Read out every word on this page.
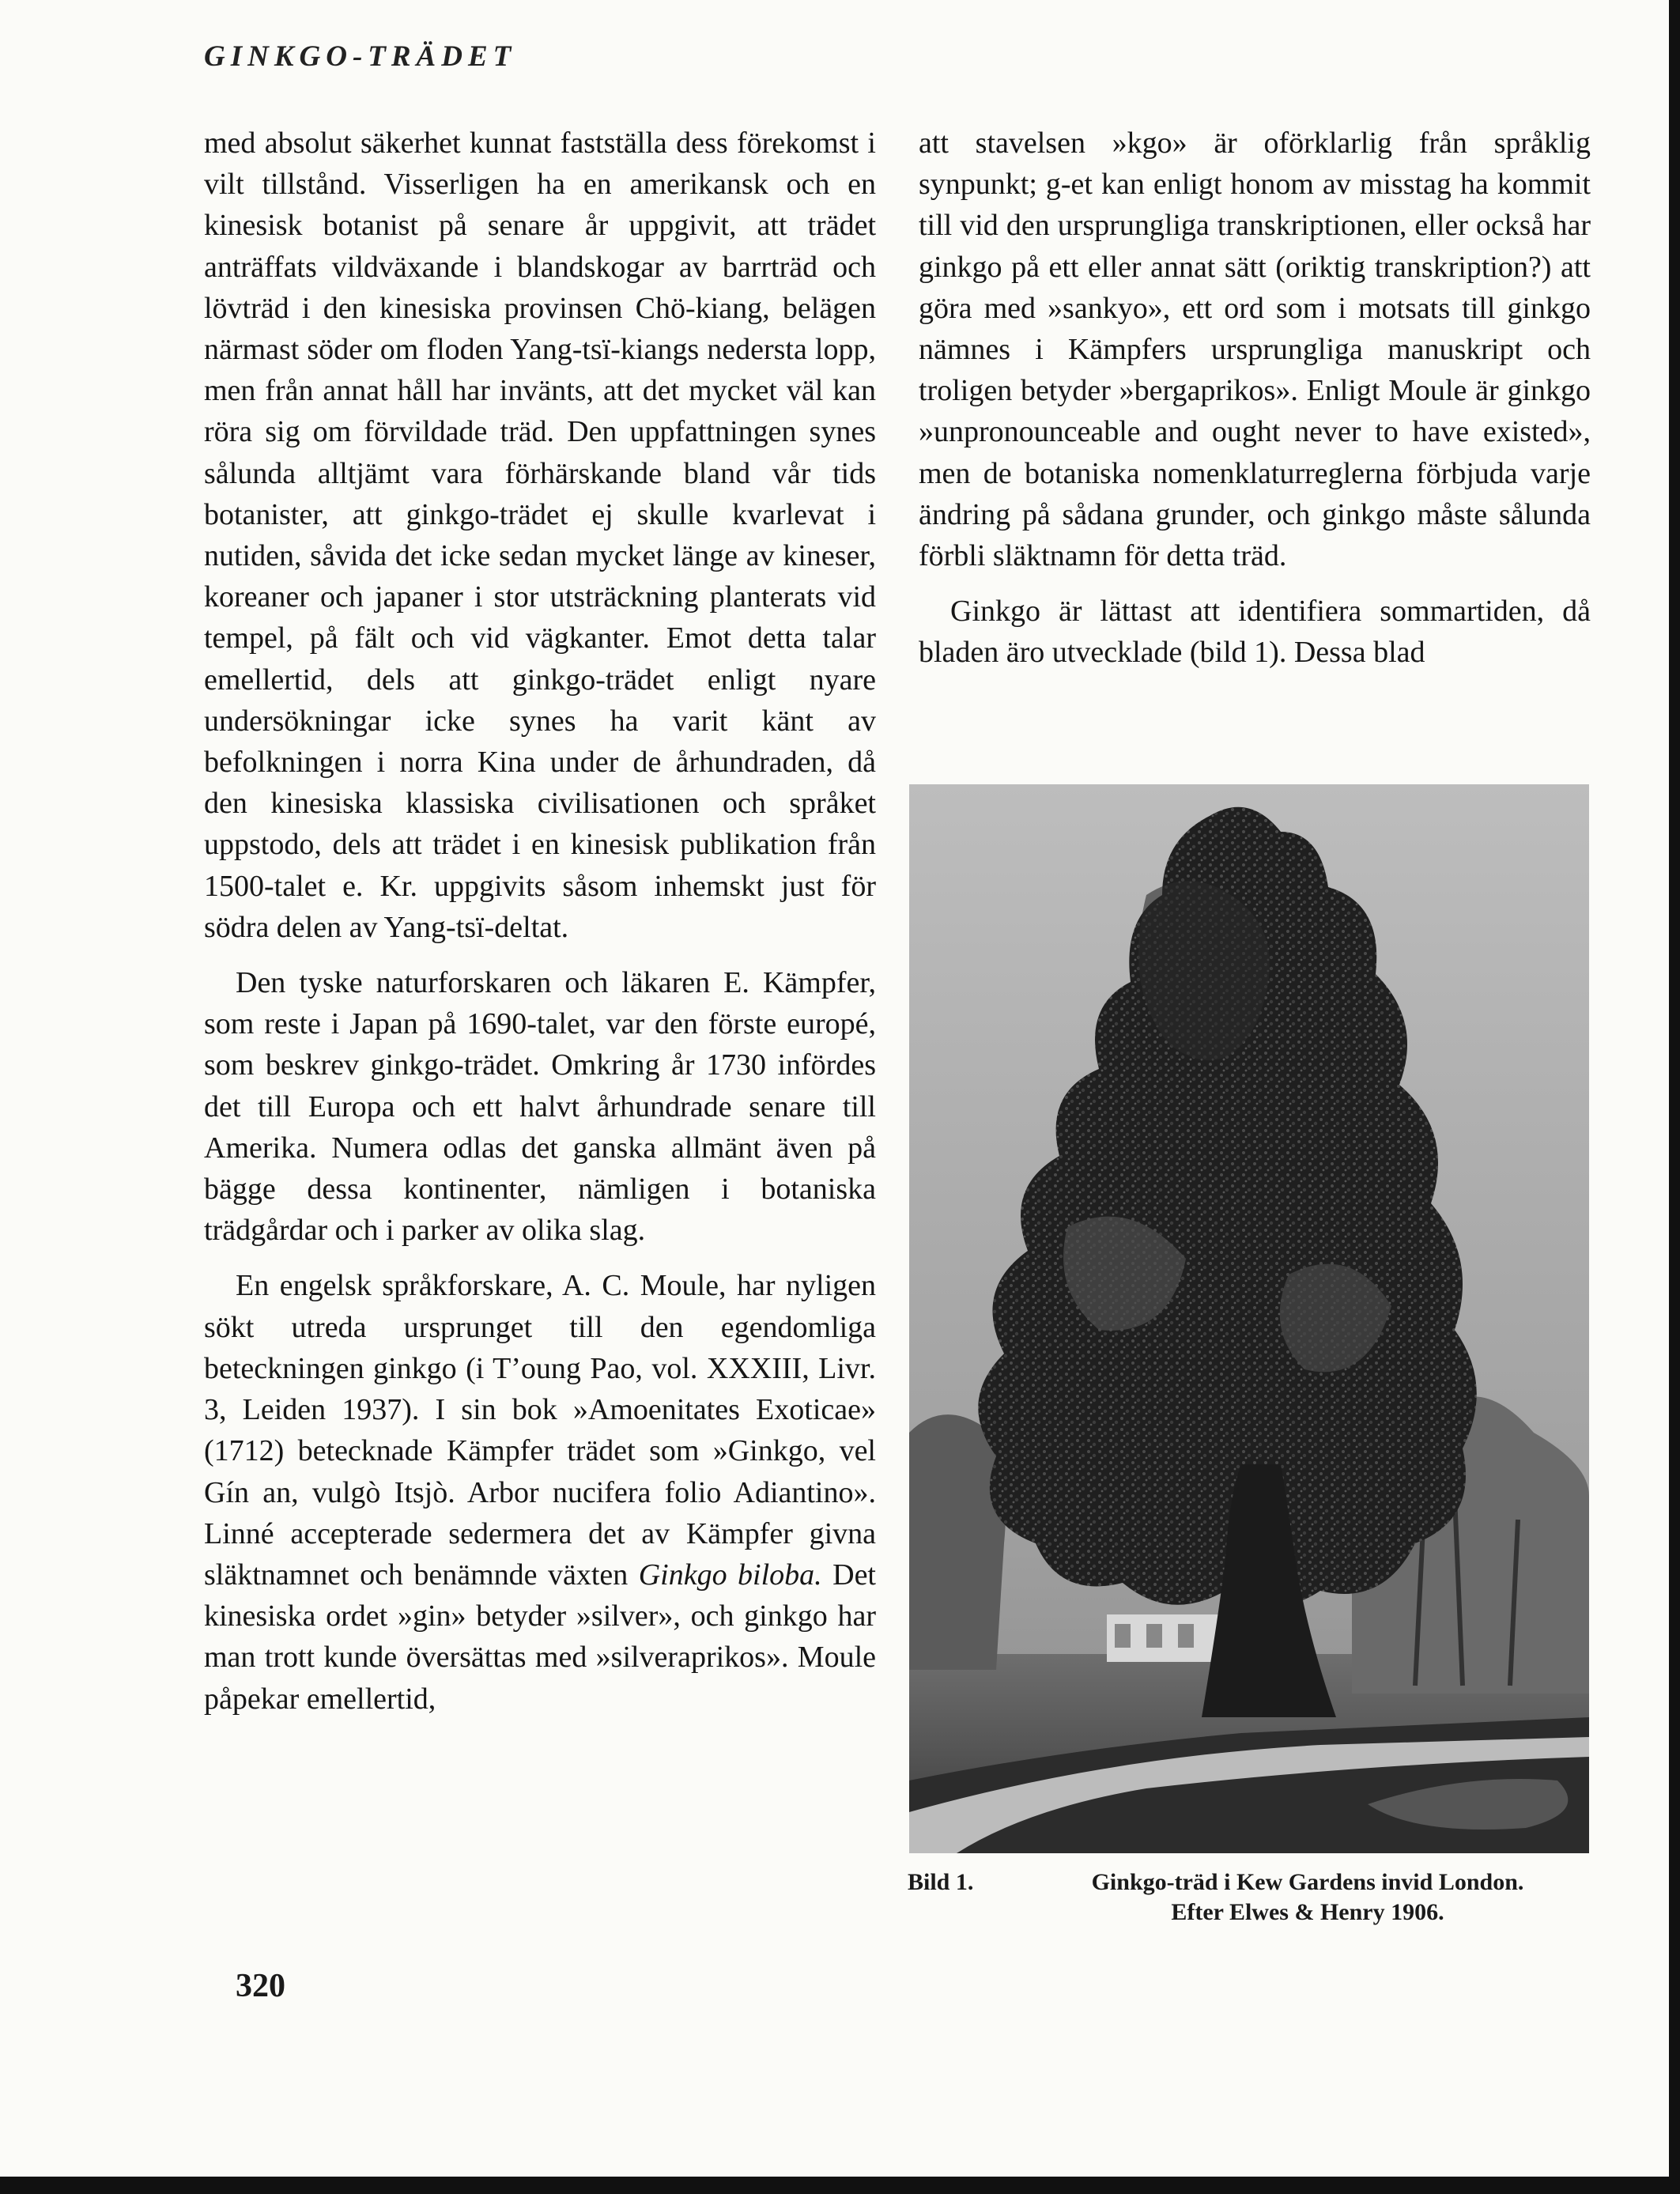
GINKGO-TRÄDET

med absolut säkerhet kunnat fastställa dess förekomst i vilt tillstånd. Visserligen ha en amerikansk och en kinesisk botanist på senare år uppgivit, att trädet anträffats vildväxande i blandskogar av barrträd och lövträd i den kinesiska provinsen Chö-kiang, belägen närmast söder om floden Yang-tsï-kiangs nedersta lopp, men från annat håll har invänts, att det mycket väl kan röra sig om förvildade träd. Den uppfattningen synes sålunda alltjämt vara förhärskande bland vår tids botanister, att ginkgo-trädet ej skulle kvarlevat i nutiden, såvida det icke sedan mycket länge av kineser, koreaner och japaner i stor utsträckning planterats vid tempel, på fält och vid vägkanter. Emot detta talar emellertid, dels att ginkgo-trädet enligt nyare undersökningar icke synes ha varit känt av befolkningen i norra Kina under de århundraden, då den kinesiska klassiska civilisationen och språket uppstodo, dels att trädet i en kinesisk publikation från 1500-talet e. Kr. uppgivits såsom inhemskt just för södra delen av Yang-tsï-deltat.

Den tyske naturforskaren och läkaren E. Kämpfer, som reste i Japan på 1690-talet, var den förste europé, som beskrev ginkgo-trädet. Omkring år 1730 infördes det till Europa och ett halvt århundrade senare till Amerika. Numera odlas det ganska allmänt även på bägge dessa kontinenter, nämligen i botaniska trädgårdar och i parker av olika slag.

En engelsk språkforskare, A. C. Moule, har nyligen sökt utreda ursprunget till den egendomliga beteckningen ginkgo (i T’oung Pao, vol. XXXIII, Livr. 3, Leiden 1937). I sin bok »Amoenitates Exoticae» (1712) betecknade Kämpfer trädet som »Ginkgo, vel Gín an, vulgò Itsjò. Arbor nucifera folio Adiantino». Linné accepterade sedermera det av Kämpfer givna släktnamnet och benämnde växten Ginkgo biloba. Det kinesiska ordet »gin» betyder »silver», och ginkgo har man trott kunde översättas med »silveraprikos». Moule påpekar emellertid,

att stavelsen »kgo» är oförklarlig från språklig synpunkt; g-et kan enligt honom av misstag ha kommit till vid den ursprungliga transkriptionen, eller också har ginkgo på ett eller annat sätt (oriktig transkription?) att göra med »sankyo», ett ord som i motsats till ginkgo nämnes i Kämpfers ursprungliga manuskript och troligen betyder »bergaprikos». Enligt Moule är ginkgo »unpronounceable and ought never to have existed», men de botaniska nomenklaturreglerna förbjuda varje ändring på sådana grunder, och ginkgo måste sålunda förbli släktnamn för detta träd.

Ginkgo är lättast att identifiera sommartiden, då bladen äro utvecklade (bild 1). Dessa blad

Bild 1.	Ginkgo-träd i Kew Gardens invid London.
Efter Elwes & Henry 1906.
320
